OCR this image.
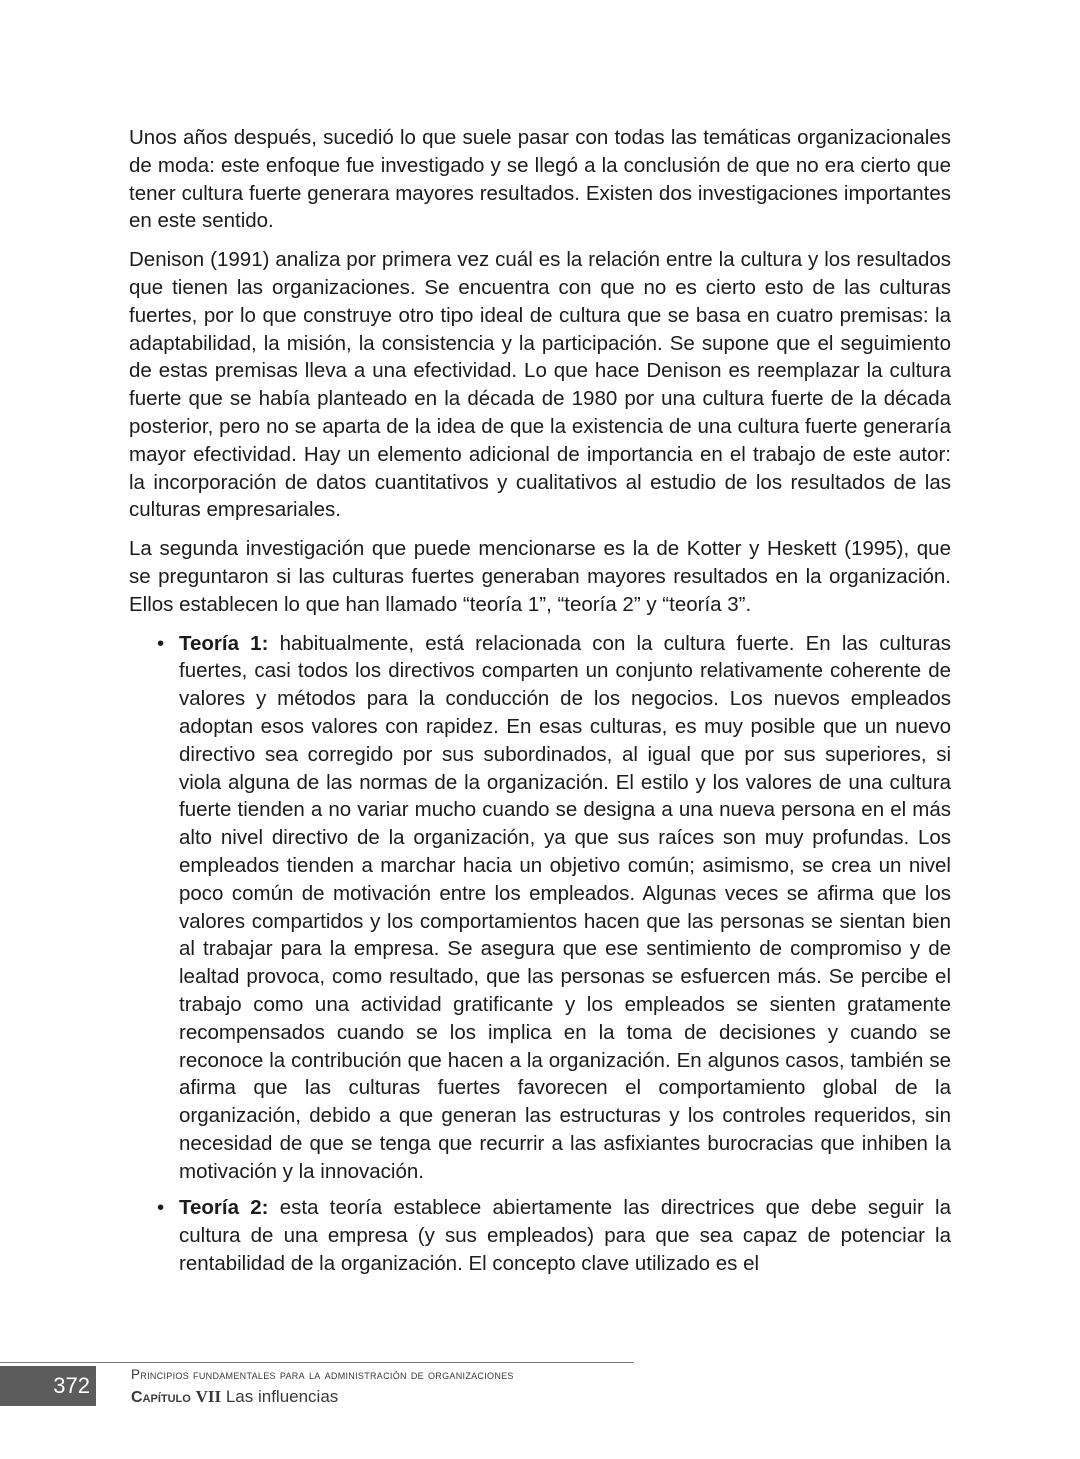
Unos años después, sucedió lo que suele pasar con todas las temáticas organizacionales de moda: este enfoque fue investigado y se llegó a la conclusión de que no era cierto que tener cultura fuerte generara mayores resultados. Existen dos investigaciones importantes en este sentido.

Denison (1991) analiza por primera vez cuál es la relación entre la cultura y los resultados que tienen las organizaciones. Se encuentra con que no es cierto esto de las culturas fuertes, por lo que construye otro tipo ideal de cultura que se basa en cuatro premisas: la adaptabilidad, la misión, la consistencia y la participación. Se supone que el seguimiento de estas premisas lleva a una efectividad. Lo que hace Denison es reemplazar la cultura fuerte que se había planteado en la década de 1980 por una cultura fuerte de la década posterior, pero no se aparta de la idea de que la existencia de una cultura fuerte generaría mayor efectividad. Hay un elemento adicional de importancia en el trabajo de este autor: la incorporación de datos cuantitativos y cualitativos al estudio de los resultados de las culturas empresariales.

La segunda investigación que puede mencionarse es la de Kotter y Heskett (1995), que se preguntaron si las culturas fuertes generaban mayores resultados en la organización. Ellos establecen lo que han llamado “teoría 1”, “teoría 2” y “teoría 3”.

• Teoría 1: habitualmente, está relacionada con la cultura fuerte. En las culturas fuertes, casi todos los directivos comparten un conjunto relativamente coherente de valores y métodos para la conducción de los negocios. Los nuevos empleados adoptan esos valores con rapidez. En esas culturas, es muy posible que un nuevo directivo sea corregido por sus subordinados, al igual que por sus superiores, si viola alguna de las normas de la organización. El estilo y los valores de una cultura fuerte tienden a no variar mucho cuando se designa a una nueva persona en el más alto nivel directivo de la organización, ya que sus raíces son muy profundas. Los empleados tienden a marchar hacia un objetivo común; asimismo, se crea un nivel poco común de motivación entre los empleados. Algunas veces se afirma que los valores compartidos y los comportamientos hacen que las personas se sientan bien al trabajar para la empresa. Se asegura que ese sentimiento de compromiso y de lealtad provoca, como resultado, que las personas se esfuercen más. Se percibe el trabajo como una actividad gratificante y los empleados se sienten gratamente recompensados cuando se los implica en la toma de decisiones y cuando se reconoce la contribución que hacen a la organización. En algunos casos, también se afirma que las culturas fuertes favorecen el comportamiento global de la organización, debido a que generan las estructuras y los controles requeridos, sin necesidad de que se tenga que recurrir a las asfixiantes burocracias que inhiben la motivación y la innovación.
• Teoría 2: esta teoría establece abiertamente las directrices que debe seguir la cultura de una empresa (y sus empleados) para que sea capaz de potenciar la rentabilidad de la organización. El concepto clave utilizado es el
372	Principios fundamentales para la administración de organizaciones
Capítulo VII Las influencias
